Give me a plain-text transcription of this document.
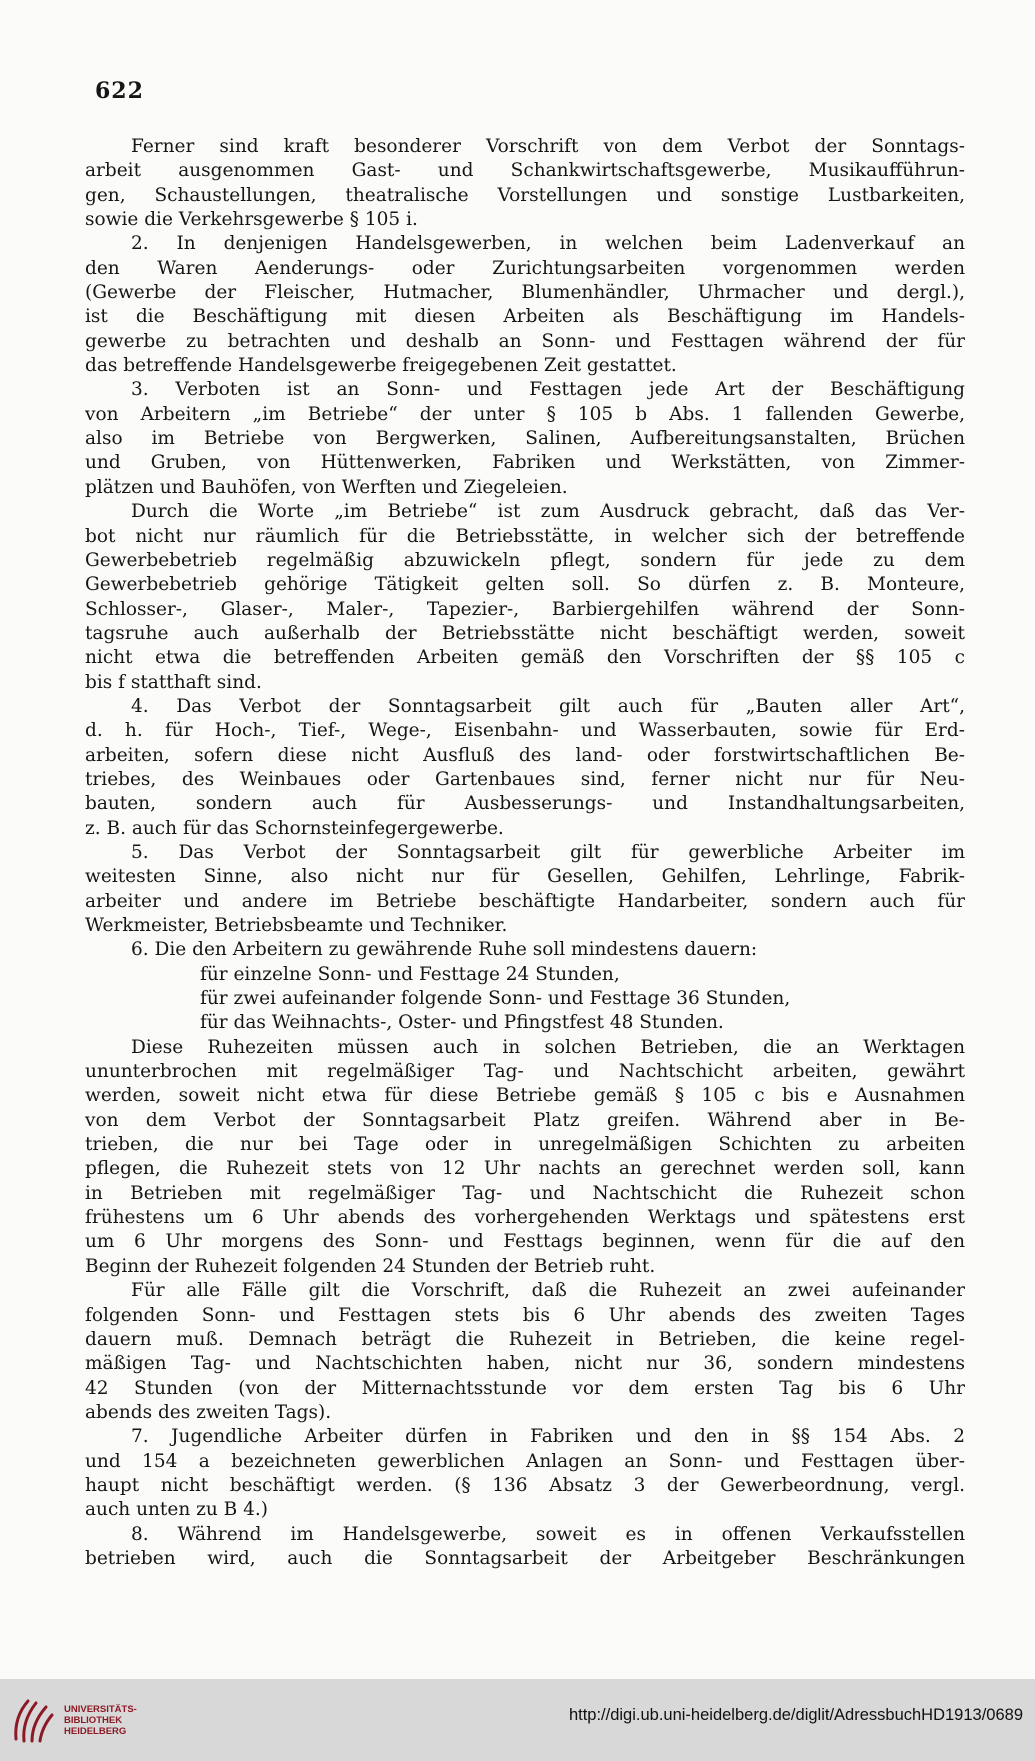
622
Ferner sind kraft besonderer Vorschrift von dem Verbot der Sonntags-
arbeit ausgenommen Gast- und Schankwirtschaftsgewerbe, Musikaufführun-
gen, Schaustellungen, theatralische Vorstellungen und sonstige Lustbarkeiten,
sowie die Verkehrsgewerbe § 105 i.
2. In denjenigen Handelsgewerben, in welchen beim Ladenverkauf an
den Waren Aenderungs- oder Zurichtungsarbeiten vorgenommen werden
(Gewerbe der Fleischer, Hutmacher, Blumenhändler, Uhrmacher und dergl.),
ist die Beschäftigung mit diesen Arbeiten als Beschäftigung im Handels-
gewerbe zu betrachten und deshalb an Sonn- und Festtagen während der für
das betreffende Handelsgewerbe freigegebenen Zeit gestattet.
3. Verboten ist an Sonn- und Festtagen jede Art der Beschäftigung
von Arbeitern „im Betriebe“ der unter § 105 b Abs. 1 fallenden Gewerbe,
also im Betriebe von Bergwerken, Salinen, Aufbereitungsanstalten, Brüchen
und Gruben, von Hüttenwerken, Fabriken und Werkstätten, von Zimmer-
plätzen und Bauhöfen, von Werften und Ziegeleien.
Durch die Worte „im Betriebe“ ist zum Ausdruck gebracht, daß das Ver-
bot nicht nur räumlich für die Betriebsstätte, in welcher sich der betreffende
Gewerbebetrieb regelmäßig abzuwickeln pflegt, sondern für jede zu dem
Gewerbebetrieb gehörige Tätigkeit gelten soll. So dürfen z. B. Monteure,
Schlosser-, Glaser-, Maler-, Tapezier-, Barbiergehilfen während der Sonn-
tagsruhe auch außerhalb der Betriebsstätte nicht beschäftigt werden, soweit
nicht etwa die betreffenden Arbeiten gemäß den Vorschriften der §§ 105 c
bis f statthaft sind.
4. Das Verbot der Sonntagsarbeit gilt auch für „Bauten aller Art“,
d. h. für Hoch-, Tief-, Wege-, Eisenbahn- und Wasserbauten, sowie für Erd-
arbeiten, sofern diese nicht Ausfluß des land- oder forstwirtschaftlichen Be-
triebes, des Weinbaues oder Gartenbaues sind, ferner nicht nur für Neu-
bauten, sondern auch für Ausbesserungs- und Instandhaltungsarbeiten,
z. B. auch für das Schornsteinfegergewerbe.
5. Das Verbot der Sonntagsarbeit gilt für gewerbliche Arbeiter im
weitesten Sinne, also nicht nur für Gesellen, Gehilfen, Lehrlinge, Fabrik-
arbeiter und andere im Betriebe beschäftigte Handarbeiter, sondern auch für
Werkmeister, Betriebsbeamte und Techniker.
6. Die den Arbeitern zu gewährende Ruhe soll mindestens dauern:
für einzelne Sonn- und Festtage 24 Stunden,
für zwei aufeinander folgende Sonn- und Festtage 36 Stunden,
für das Weihnachts-, Oster- und Pfingstfest 48 Stunden.
Diese Ruhezeiten müssen auch in solchen Betrieben, die an Werktagen
ununterbrochen mit regelmäßiger Tag- und Nachtschicht arbeiten, gewährt
werden, soweit nicht etwa für diese Betriebe gemäß § 105 c bis e Ausnahmen
von dem Verbot der Sonntagsarbeit Platz greifen. Während aber in Be-
trieben, die nur bei Tage oder in unregelmäßigen Schichten zu arbeiten
pflegen, die Ruhezeit stets von 12 Uhr nachts an gerechnet werden soll, kann
in Betrieben mit regelmäßiger Tag- und Nachtschicht die Ruhezeit schon
frühestens um 6 Uhr abends des vorhergehenden Werktags und spätestens erst
um 6 Uhr morgens des Sonn- und Festtags beginnen, wenn für die auf den
Beginn der Ruhezeit folgenden 24 Stunden der Betrieb ruht.
Für alle Fälle gilt die Vorschrift, daß die Ruhezeit an zwei aufeinander
folgenden Sonn- und Festtagen stets bis 6 Uhr abends des zweiten Tages
dauern muß. Demnach beträgt die Ruhezeit in Betrieben, die keine regel-
mäßigen Tag- und Nachtschichten haben, nicht nur 36, sondern mindestens
42 Stunden (von der Mitternachtsstunde vor dem ersten Tag bis 6 Uhr
abends des zweiten Tags).
7. Jugendliche Arbeiter dürfen in Fabriken und den in §§ 154 Abs. 2
und 154 a bezeichneten gewerblichen Anlagen an Sonn- und Festtagen über-
haupt nicht beschäftigt werden. (§ 136 Absatz 3 der Gewerbeordnung, vergl.
auch unten zu B 4.)
8. Während im Handelsgewerbe, soweit es in offenen Verkaufsstellen
betrieben wird, auch die Sonntagsarbeit der Arbeitgeber Beschränkungen
UNIVERSITÄTS-
BIBLIOTHEK
HEIDELBERG
http://digi.ub.uni-heidelberg.de/diglit/AdressbuchHD1913/0689
